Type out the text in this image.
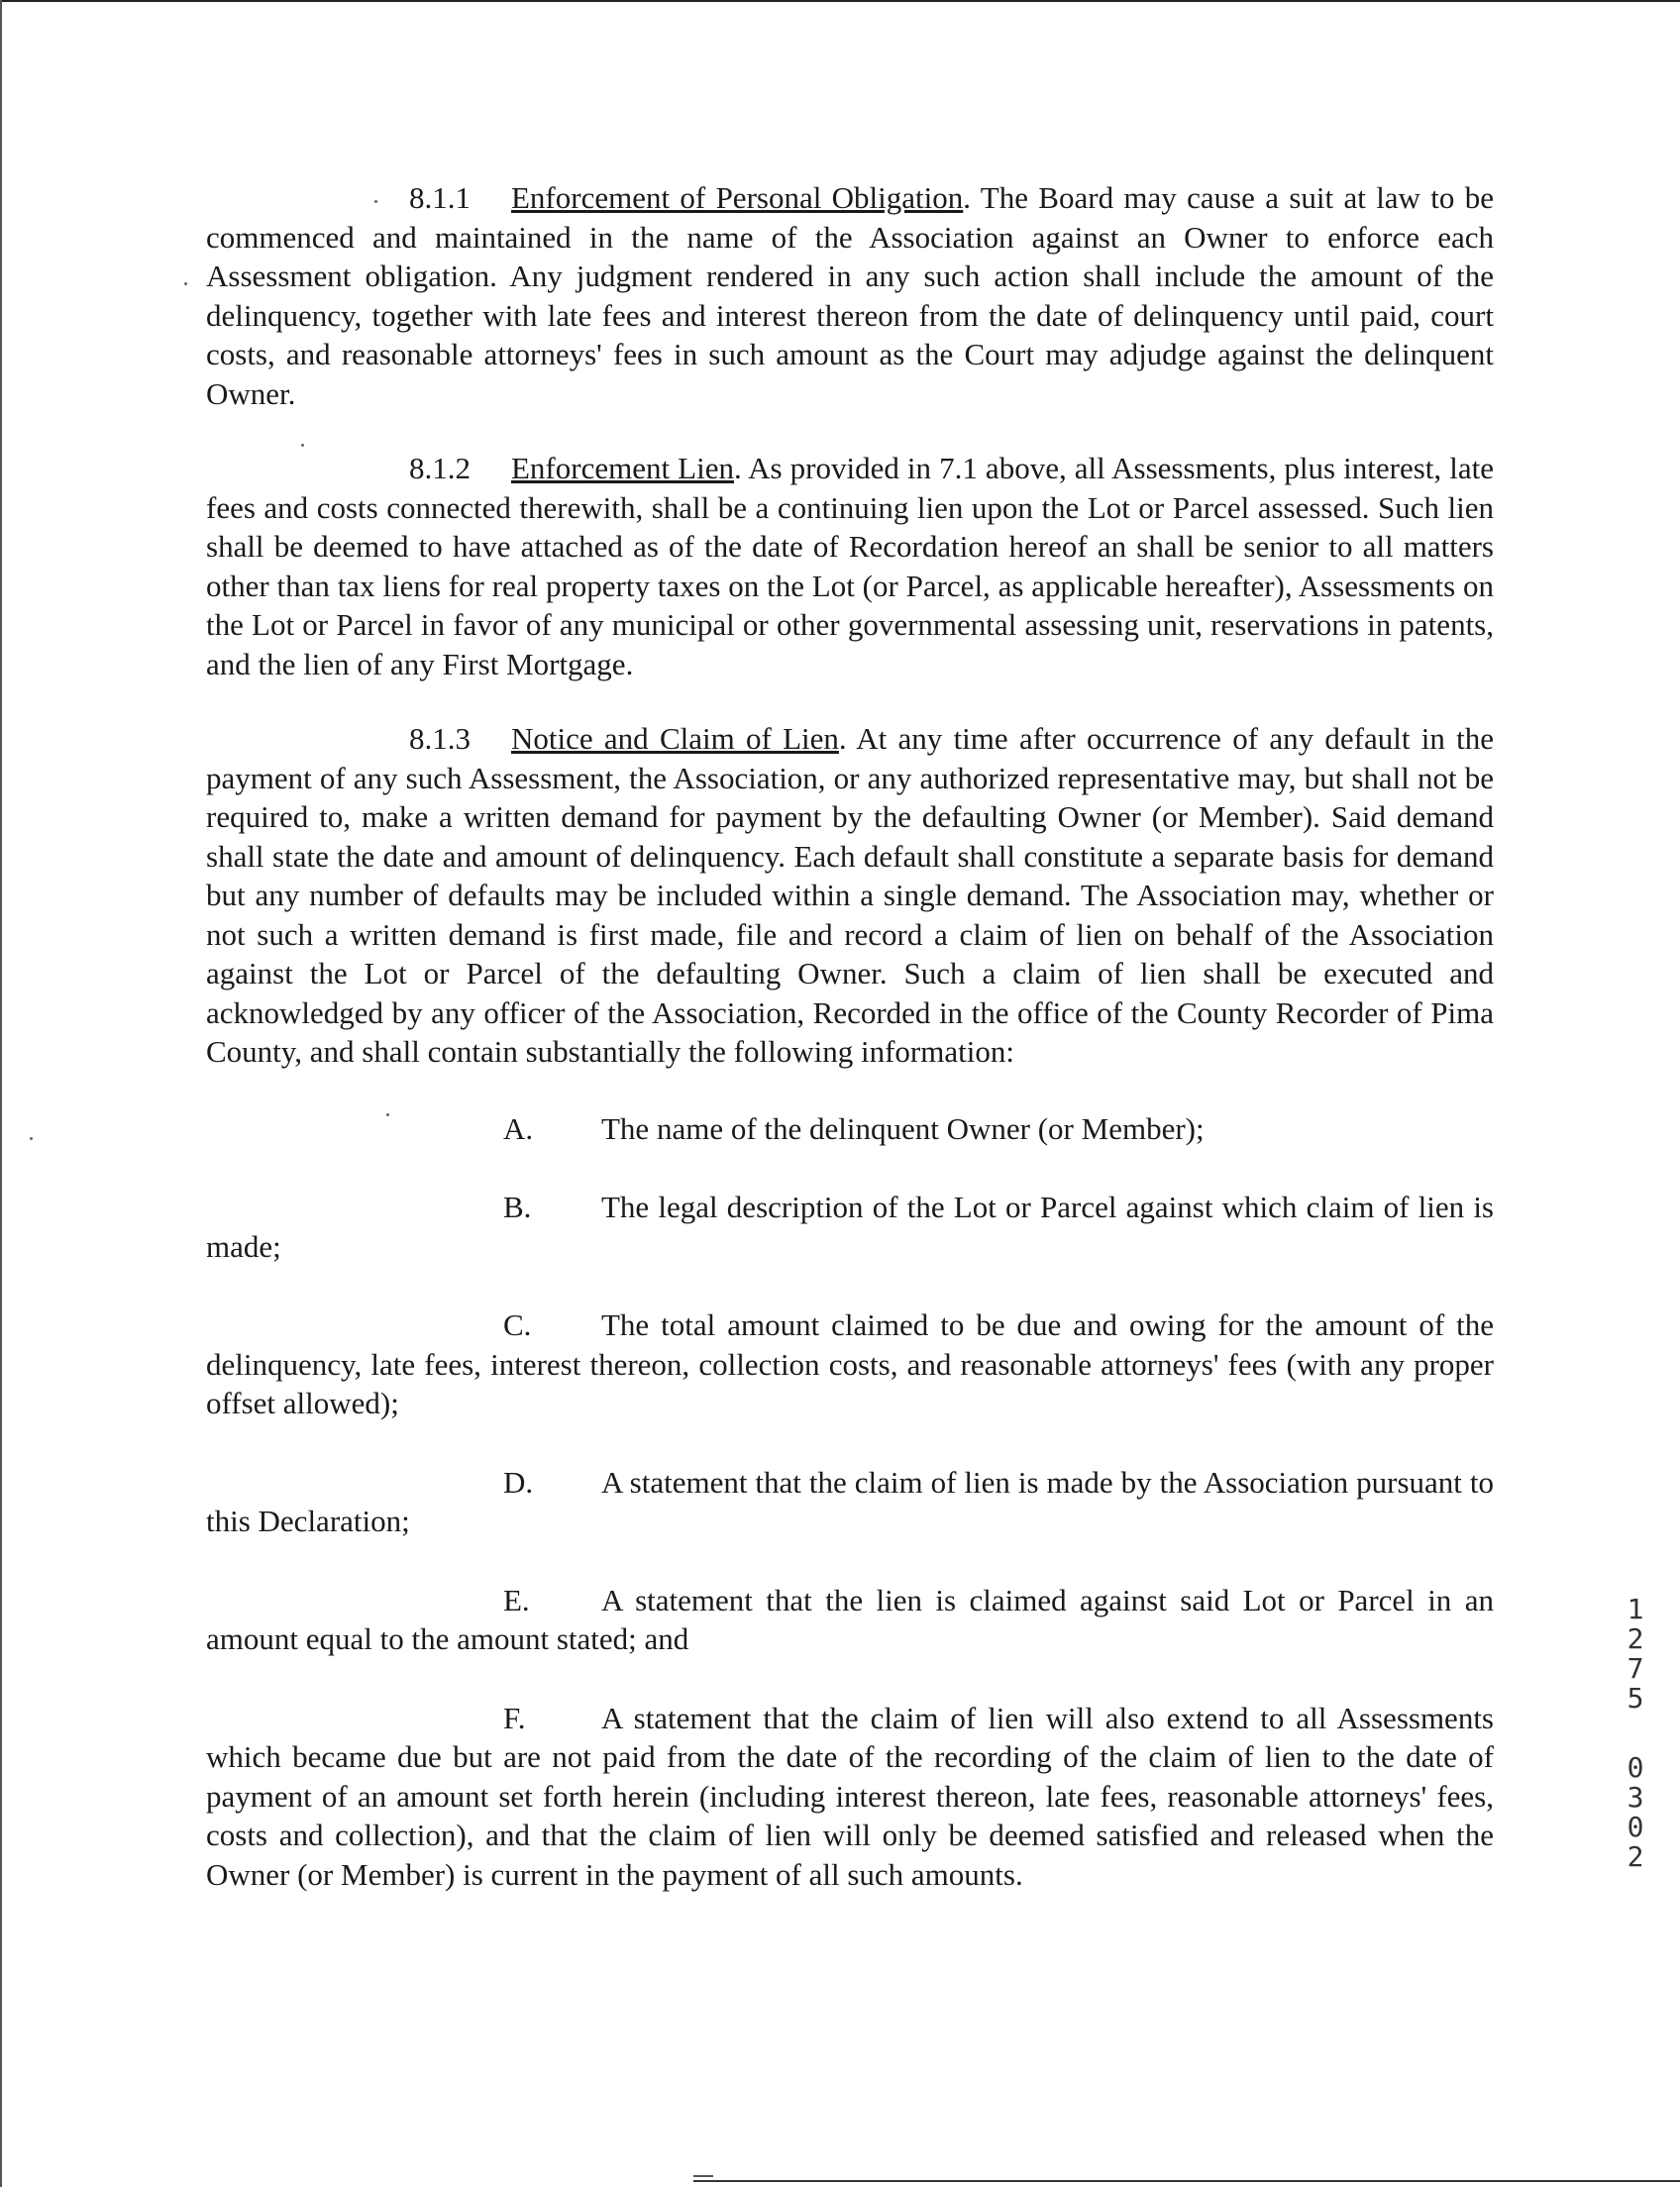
8.1.1 Enforcement of Personal Obligation. The Board may cause a suit at law to be commenced and maintained in the name of the Association against an Owner to enforce each Assessment obligation. Any judgment rendered in any such action shall include the amount of the delinquency, together with late fees and interest thereon from the date of delinquency until paid, court costs, and reasonable attorneys' fees in such amount as the Court may adjudge against the delinquent Owner.

8.1.2 Enforcement Lien. As provided in 7.1 above, all Assessments, plus interest, late fees and costs connected therewith, shall be a continuing lien upon the Lot or Parcel assessed. Such lien shall be deemed to have attached as of the date of Recordation hereof an shall be senior to all matters other than tax liens for real property taxes on the Lot (or Parcel, as applicable hereafter), Assessments on the Lot or Parcel in favor of any municipal or other governmental assessing unit, reservations in patents, and the lien of any First Mortgage.

8.1.3 Notice and Claim of Lien. At any time after occurrence of any default in the payment of any such Assessment, the Association, or any authorized representative may, but shall not be required to, make a written demand for payment by the defaulting Owner (or Member). Said demand shall state the date and amount of delinquency. Each default shall constitute a separate basis for demand but any number of defaults may be included within a single demand. The Association may, whether or not such a written demand is first made, file and record a claim of lien on behalf of the Association against the Lot or Parcel of the defaulting Owner. Such a claim of lien shall be executed and acknowledged by any officer of the Association, Recorded in the office of the County Recorder of Pima County, and shall contain substantially the following information:

A. The name of the delinquent Owner (or Member);
B. The legal description of the Lot or Parcel against which claim of lien is made;
C. The total amount claimed to be due and owing for the amount of the delinquency, late fees, interest thereon, collection costs, and reasonable attorneys' fees (with any proper offset allowed);
D. A statement that the claim of lien is made by the Association pursuant to this Declaration;
E. A statement that the lien is claimed against said Lot or Parcel in an amount equal to the amount stated; and
F. A statement that the claim of lien will also extend to all Assessments which became due but are not paid from the date of the recording of the claim of lien to the date of payment of an amount set forth herein (including interest thereon, late fees, reasonable attorneys' fees, costs and collection), and that the claim of lien will only be deemed satisfied and released when the Owner (or Member) is current in the payment of all such amounts.
1275
0302
